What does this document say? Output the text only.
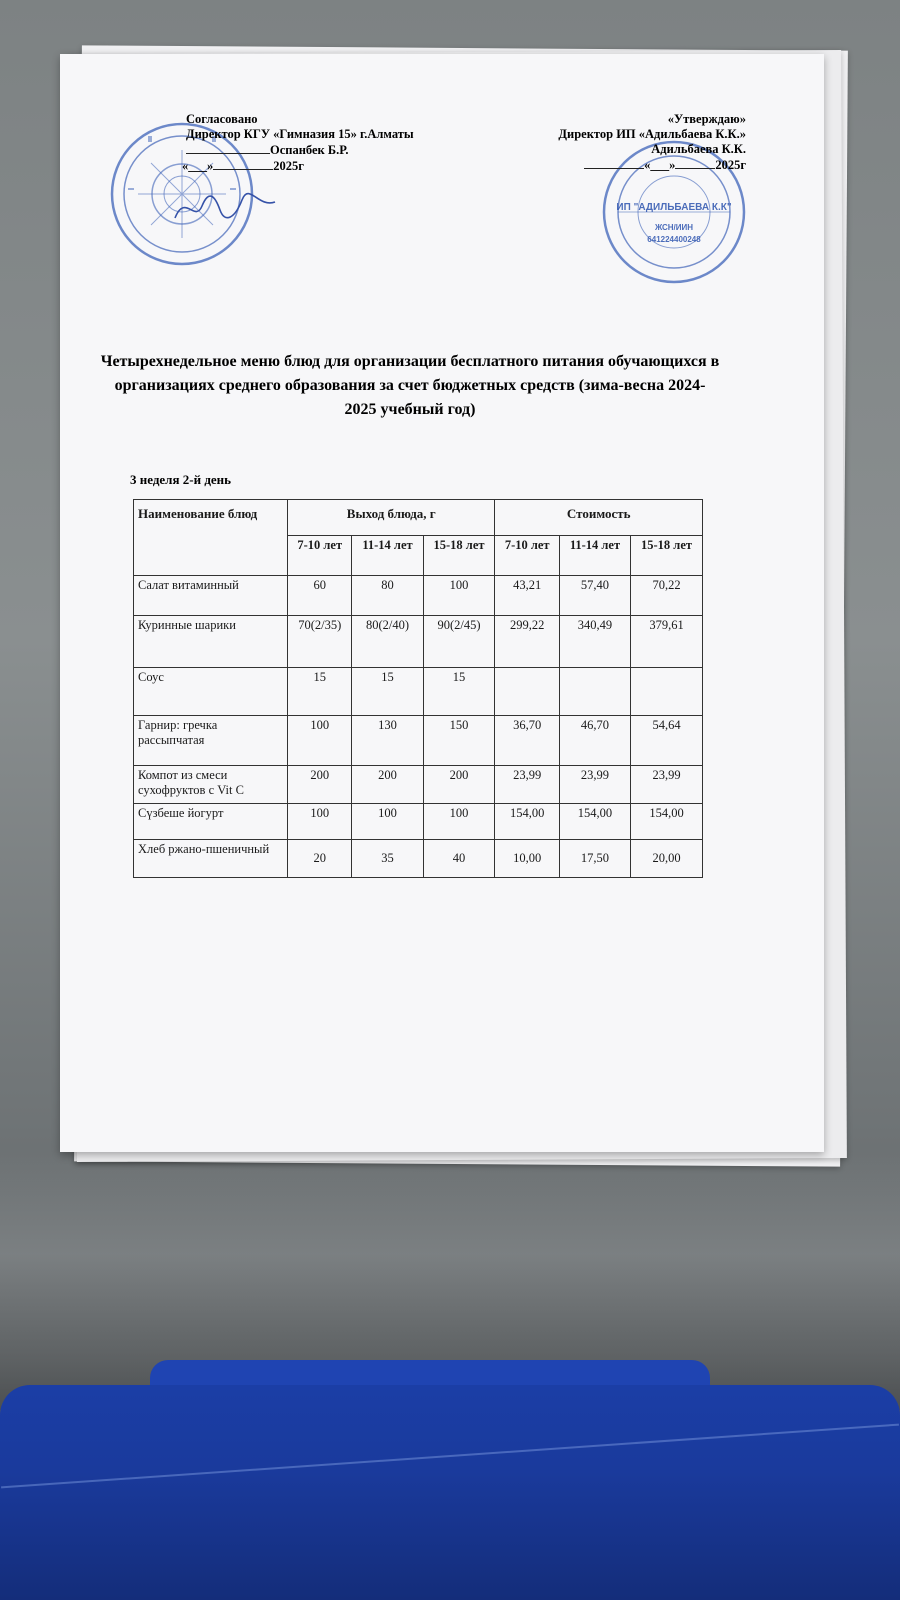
ИП "АДИЛЬБАЕВА К.К"
ЖСН/ИИН
641224400248
Согласовано
Директор КГУ «Гимназия 15» г.Алматы
Оспанбек Б.Р.
«___»	2025г
«Утверждаю»
Директор ИП «Адильбаева К.К.»
Адильбаева К.К.
«___»	2025г
Четырехнедельное меню блюд для организации бесплатного питания обучающихся в организациях среднего образования за счет бюджетных средств (зима-весна 2024-2025 учебный год)
3 неделя 2-й день
Наименование блюд	Выход блюда, г			Стоимость		
	7-10 лет	11-14 лет	15-18 лет	7-10 лет	11-14 лет	15-18 лет
Салат витаминный	60	80	100	43,21	57,40	70,22
Куринные шарики	70(2/35)	80(2/40)	90(2/45)	299,22	340,49	379,61
Соус	15	15	15			
Гарнир: гречка рассыпчатая	100	130	150	36,70	46,70	54,64
Компот из смеси сухофруктов с Vit C	200	200	200	23,99	23,99	23,99
Сүзбеше йогурт	100	100	100	154,00	154,00	154,00
Хлеб ржано-пшеничный	20	35	40	10,00	17,50	20,00
